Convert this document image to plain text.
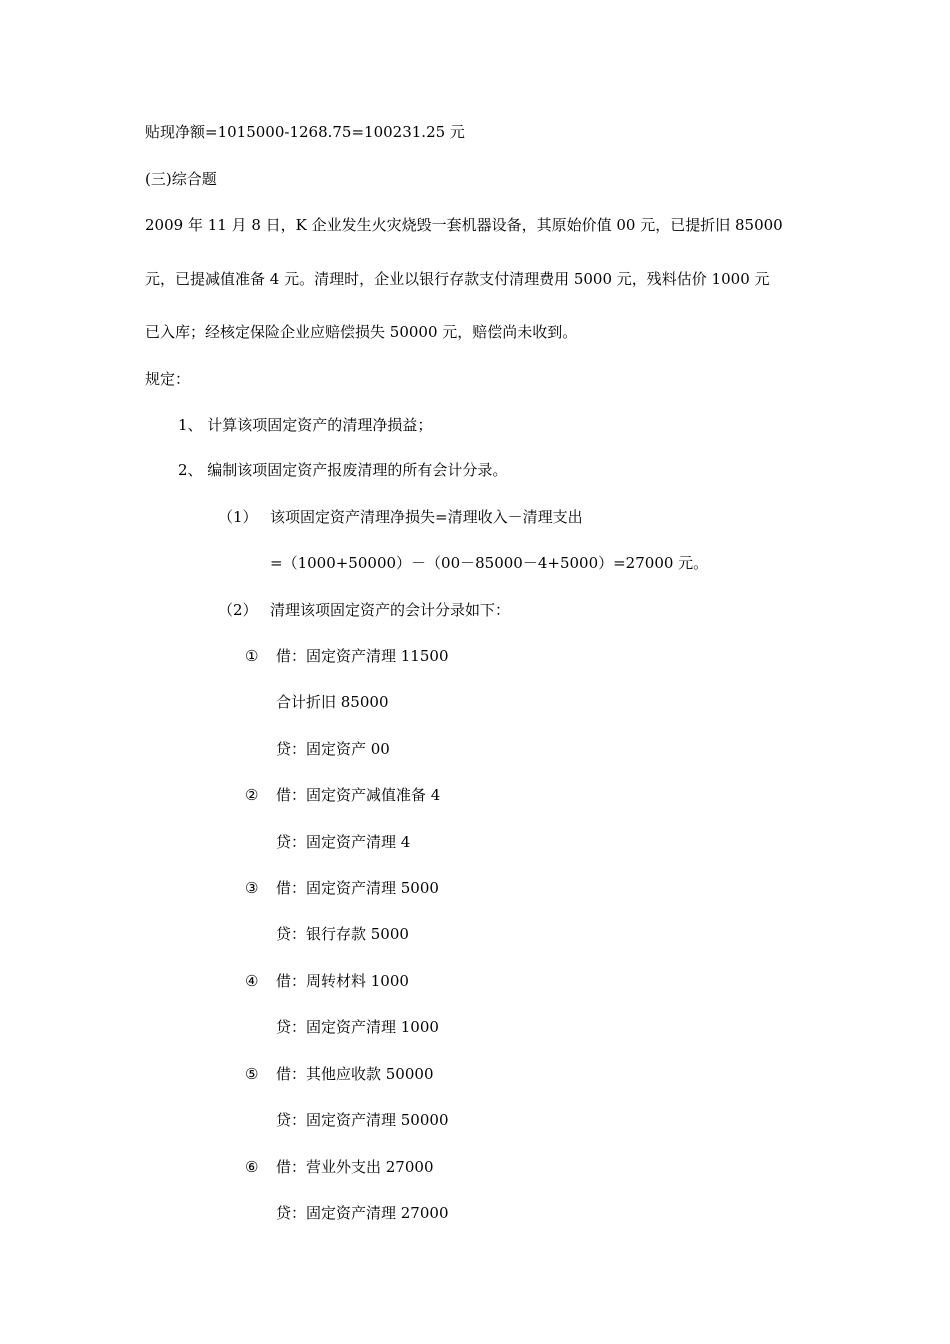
贴现净额=1015000-1268.75=100231.25 元
(三)综合题
2009 年 11 月 8 日，K 企业发生火灾烧毁一套机器设备，其原始价值 00 元，已提折旧 85000
元，已提减值准备 4 元。清理时，企业以银行存款支付清理费用 5000 元，残料估价 1000 元
已入库；经核定保险企业应赔偿损失 50000 元，赔偿尚未收到。
规定：
1、 计算该项固定资产的清理净损益；
2、 编制该项固定资产报废清理的所有会计分录。
（1） 该项固定资产清理净损失=清理收入－清理支出
=（1000+50000）－（00－85000－4+5000）=27000 元。
（2） 清理该项固定资产的会计分录如下：
① 借：固定资产清理 11500
合计折旧 85000
贷：固定资产 00
② 借：固定资产减值准备 4
贷：固定资产清理 4
③ 借：固定资产清理 5000
贷：银行存款 5000
④ 借：周转材料 1000
贷：固定资产清理 1000
⑤ 借：其他应收款 50000
贷：固定资产清理 50000
⑥ 借：营业外支出 27000
贷：固定资产清理 27000
